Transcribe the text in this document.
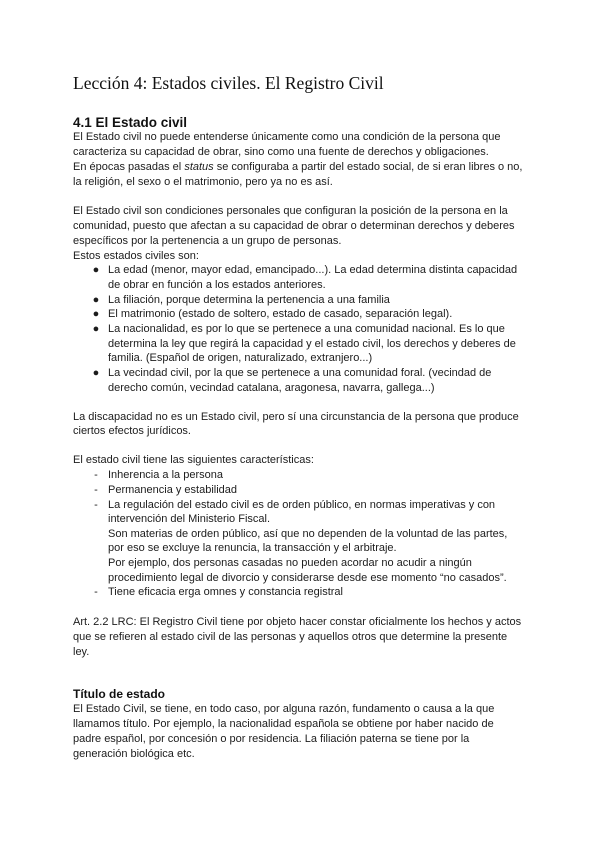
Lección 4: Estados civiles. El Registro Civil
4.1 El Estado civil

El Estado civil no puede entenderse únicamente como una condición de la persona que

caracteriza su capacidad de obrar, sino como una fuente de derechos y obligaciones.

En épocas pasadas el status se configuraba a partir del estado social, de si eran libres o no,

la religión, el sexo o el matrimonio, pero ya no es así.

El Estado civil son condiciones personales que configuran la posición de la persona en la

comunidad, puesto que afectan a su capacidad de obrar o determinan derechos y deberes

específicos por la pertenencia a un grupo de personas.

Estos estados civiles son:

● La edad (menor, mayor edad, emancipado...). La edad determina distinta capacidad

de obrar en función a los estados anteriores.

● La filiación, porque determina la pertenencia a una familia

● El matrimonio (estado de soltero, estado de casado, separación legal).

● La nacionalidad, es por lo que se pertenece a una comunidad nacional. Es lo que

determina la ley que regirá la capacidad y el estado civil, los derechos y deberes de

familia. (Español de origen, naturalizado, extranjero...)

● La vecindad civil, por la que se pertenece a una comunidad foral. (vecindad de

derecho común, vecindad catalana, aragonesa, navarra, gallega...)

La discapacidad no es un Estado civil, pero sí una circunstancia de la persona que produce

ciertos efectos jurídicos.

El estado civil tiene las siguientes características:

- Inherencia a la persona

- Permanencia y estabilidad

- La regulación del estado civil es de orden público, en normas imperativas y con

intervención del Ministerio Fiscal.

Son materias de orden público, así que no dependen de la voluntad de las partes,

por eso se excluye la renuncia, la transacción y el arbitraje.

Por ejemplo, dos personas casadas no pueden acordar no acudir a ningún

procedimiento legal de divorcio y considerarse desde ese momento “no casados”.

- Tiene eficacia erga omnes y constancia registral

Art. 2.2 LRC: El Registro Civil tiene por objeto hacer constar oficialmente los hechos y actos

que se refieren al estado civil de las personas y aquellos otros que determine la presente

ley.

Título de estado

El Estado Civil, se tiene, en todo caso, por alguna razón, fundamento o causa a la que

llamamos título. Por ejemplo, la nacionalidad española se obtiene por haber nacido de

padre español, por concesión o por residencia. La filiación paterna se tiene por la

generación biológica etc.
